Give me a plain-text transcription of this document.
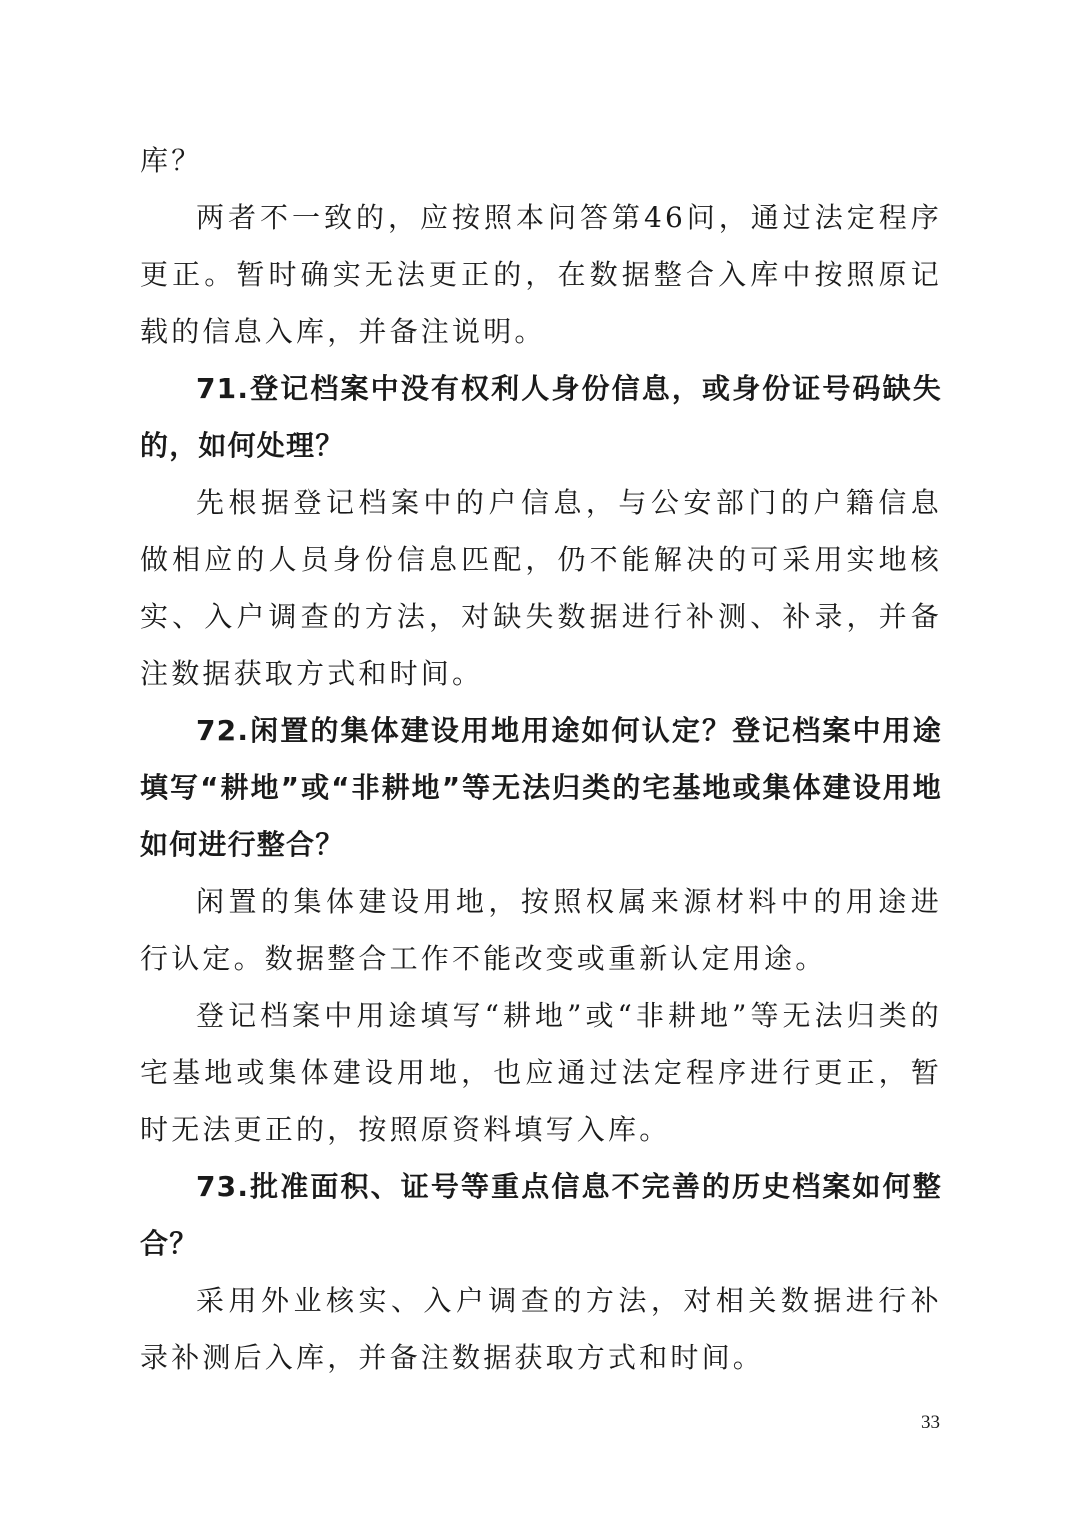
库？

两者不一致的，应按照本问答第46问，通过法定程序更正。暂时确实无法更正的，在数据整合入库中按照原记载的信息入库，并备注说明。

71.登记档案中没有权利人身份信息，或身份证号码缺失的，如何处理？

先根据登记档案中的户信息，与公安部门的户籍信息做相应的人员身份信息匹配，仍不能解决的可采用实地核实、入户调查的方法，对缺失数据进行补测、补录，并备注数据获取方式和时间。

72.闲置的集体建设用地用途如何认定？登记档案中用途填写“耕地”或“非耕地”等无法归类的宅基地或集体建设用地如何进行整合？

闲置的集体建设用地，按照权属来源材料中的用途进行认定。数据整合工作不能改变或重新认定用途。

登记档案中用途填写“耕地”或“非耕地”等无法归类的宅基地或集体建设用地，也应通过法定程序进行更正，暂时无法更正的，按照原资料填写入库。

73.批准面积、证号等重点信息不完善的历史档案如何整合？

采用外业核实、入户调查的方法，对相关数据进行补录补测后入库，并备注数据获取方式和时间。

33
